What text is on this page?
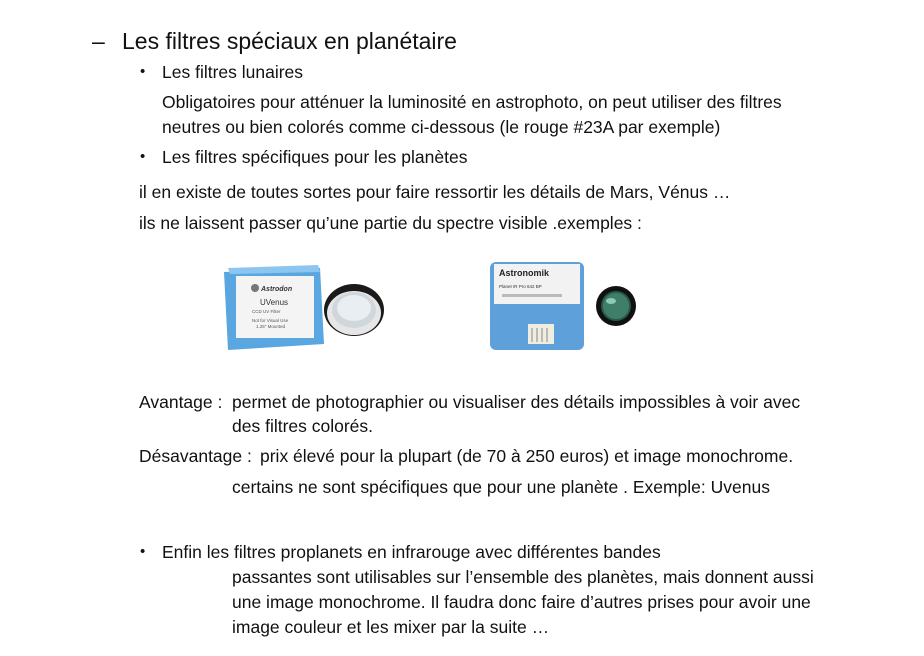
– Les filtres spéciaux en planétaire
• Les filtres lunaires
Obligatoires pour atténuer la luminosité en astrophoto, on peut utiliser des filtres
neutres ou bien colorés comme ci-dessous (le rouge #23A par exemple)
• Les filtres spécifiques pour les planètes
il en existe de toutes sortes pour faire ressortir les détails de Mars, Vénus …
ils ne laissent passer qu’une partie du spectre visible .exemples :
Astrodon
UVenus
CCD UV Filter
Not for Visual Use
1.25" Mounted
Astronomik
Planet IR Pro 642 BP
Avantage : permet de photographier ou visualiser des détails impossibles à voir avec
des filtres colorés.
Désavantage : prix élevé pour la plupart (de 70 à 250 euros) et image monochrome.
certains ne sont spécifiques que pour une planète . Exemple: Uvenus
• Enfin les filtres proplanets en infrarouge avec différentes bandes
passantes sont utilisables sur l’ensemble des planètes, mais donnent aussi
une image monochrome. Il faudra donc faire d’autres prises pour avoir une
image couleur et les mixer par la suite …
